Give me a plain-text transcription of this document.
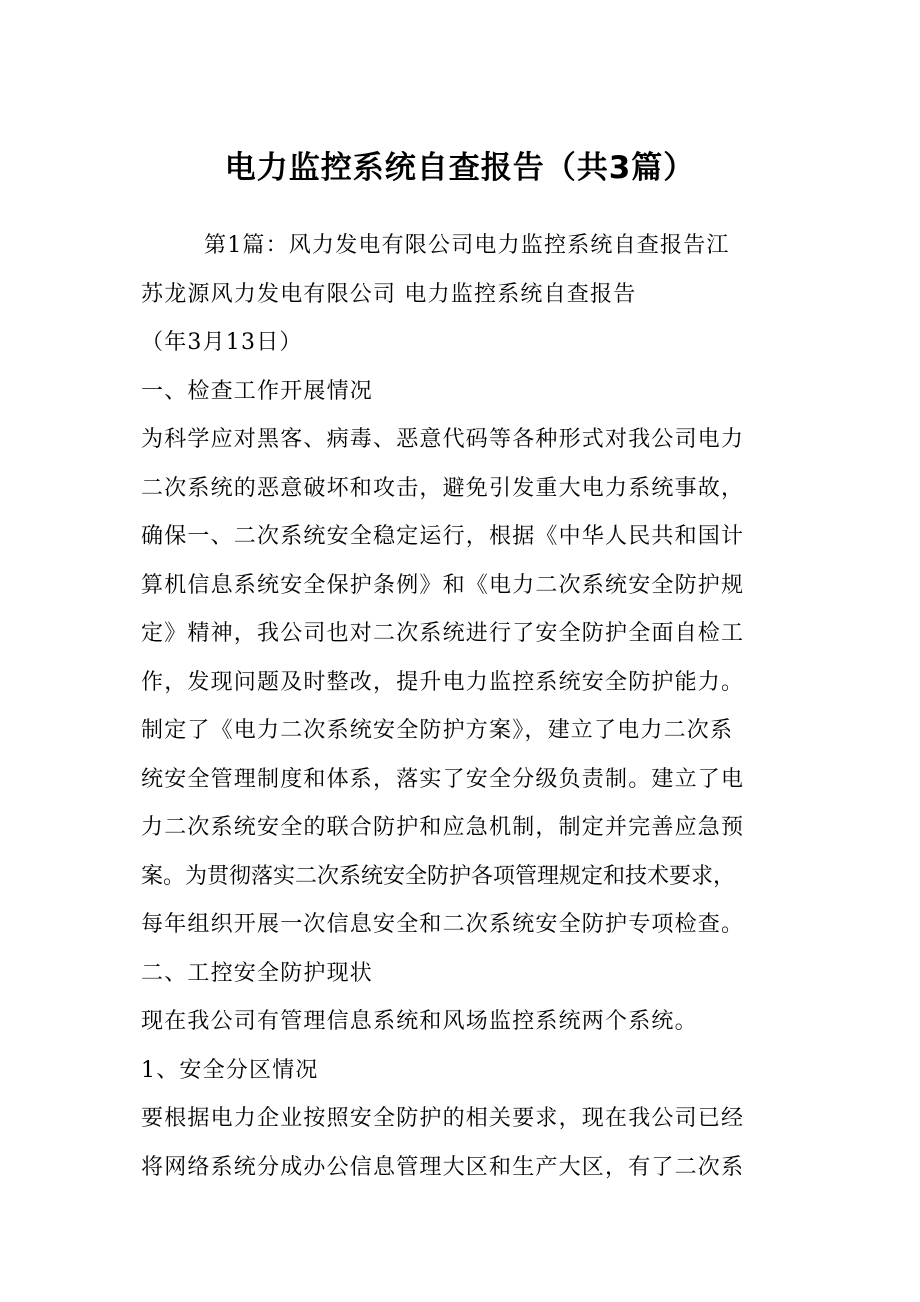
电力监控系统自查报告（共3篇）
第1篇：风力发电有限公司电力监控系统自查报告江
苏龙源风力发电有限公司 电力监控系统自查报告
（年3月13日）
一、检查工作开展情况
为科学应对黑客、病毒、恶意代码等各种形式对我公司电力
二次系统的恶意破坏和攻击，避免引发重大电力系统事故，
确保一、二次系统安全稳定运行，根据《中华人民共和国计
算机信息系统安全保护条例》和《电力二次系统安全防护规
定》精神，我公司也对二次系统进行了安全防护全面自检工
作，发现问题及时整改，提升电力监控系统安全防护能力。
制定了《电力二次系统安全防护方案》，建立了电力二次系
统安全管理制度和体系，落实了安全分级负责制。建立了电
力二次系统安全的联合防护和应急机制，制定并完善应急预
案。为贯彻落实二次系统安全防护各项管理规定和技术要求，
每年组织开展一次信息安全和二次系统安全防护专项检查。
二、工控安全防护现状
现在我公司有管理信息系统和风场监控系统两个系统。
1、安全分区情况
要根据电力企业按照安全防护的相关要求，现在我公司已经
将网络系统分成办公信息管理大区和生产大区，有了二次系
